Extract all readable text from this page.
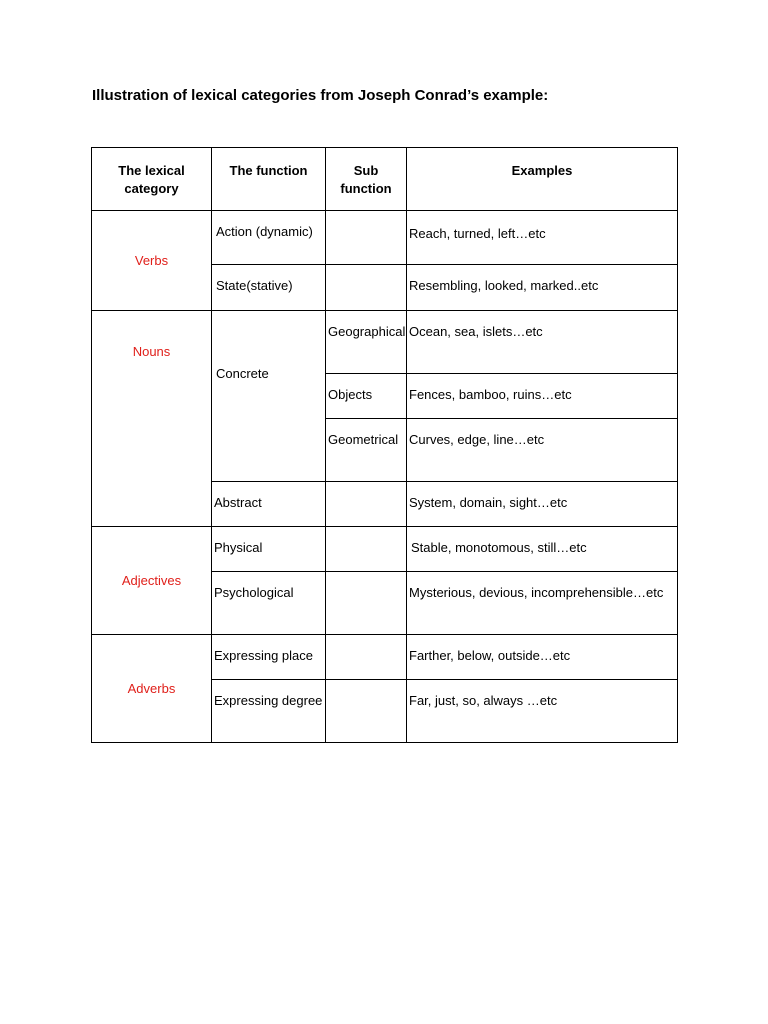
Illustration of lexical categories from Joseph Conrad’s example:
The lexical category	The function	Sub function	Examples
Verbs	Action (dynamic)		Reach, turned, left…etc
	State(stative)		Resembling, looked, marked..etc
Nouns	Concrete	Geographical	Ocean, sea, islets…etc
		Objects	Fences, bamboo, ruins…etc
		Geometrical	Curves, edge, line…etc
	Abstract		System, domain, sight…etc
Adjectives	Physical		Stable, monotomous, still…etc
	Psychological		Mysterious, devious, incomprehensible…etc
Adverbs	Expressing place		Farther, below, outside…etc
	Expressing degree		Far, just, so, always …etc
